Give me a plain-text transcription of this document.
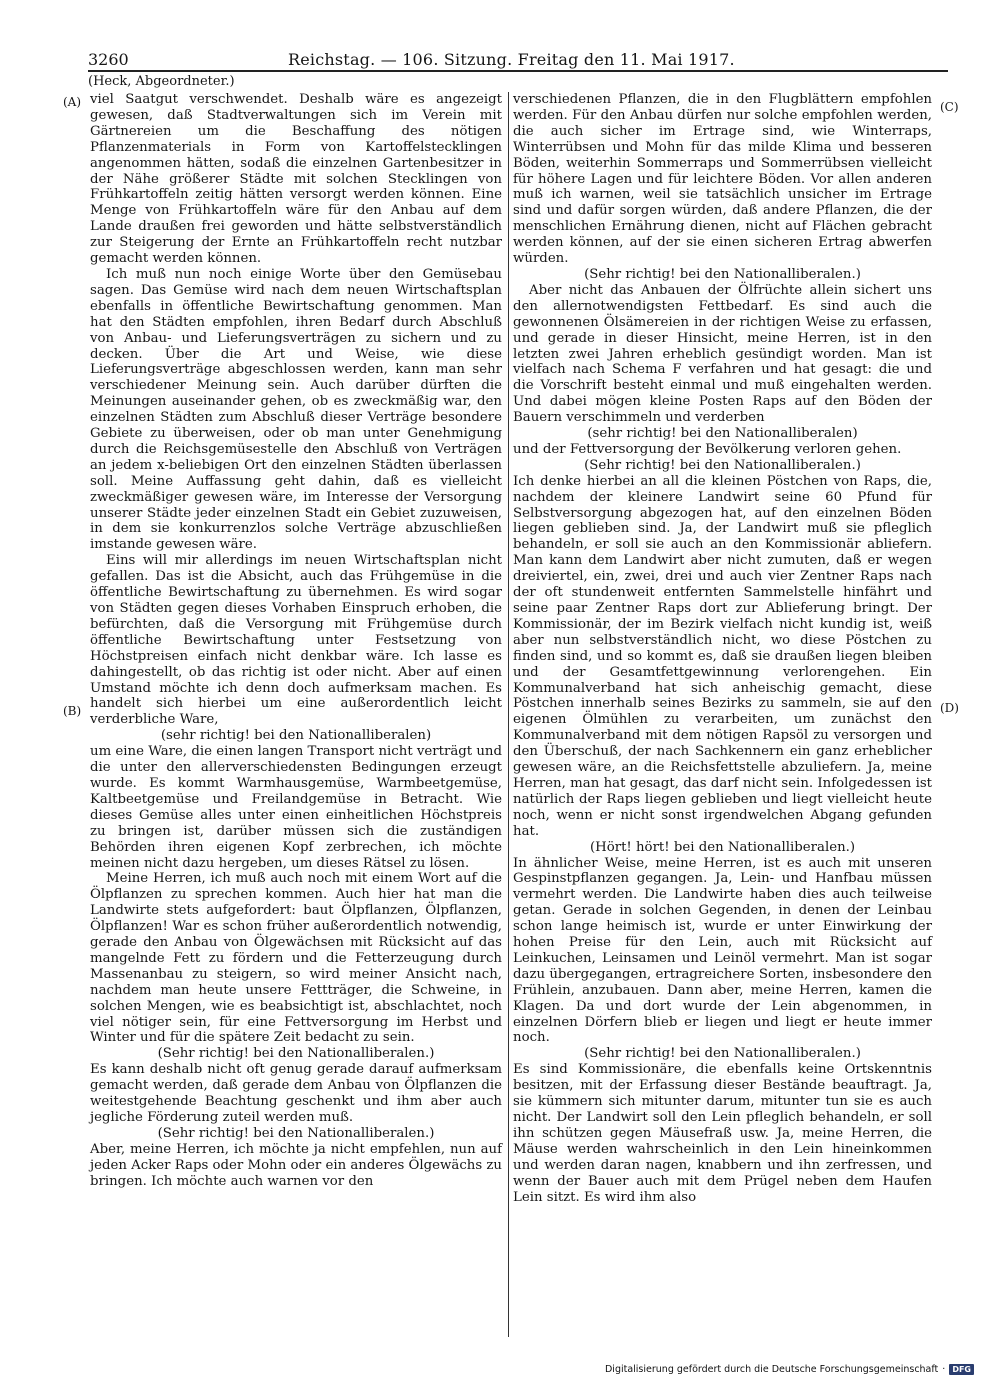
3260	Reichstag. — 106. Sitzung. Freitag den 11. Mai 1917.
(Heck, Abgeordneter.)
(A)
(B)
(C)
(D)

viel Saatgut verschwendet. Deshalb wäre es angezeigt gewesen, daß Stadtverwaltungen sich im Verein mit Gärtnereien um die Beschaffung des nötigen Pflanzenmaterials in Form von Kartoffelstecklingen angenommen hätten, sodaß die einzelnen Gartenbesitzer in der Nähe größerer Städte mit solchen Stecklingen von Frühkartoffeln zeitig hätten versorgt werden können. Eine Menge von Frühkartoffeln wäre für den Anbau auf dem Lande draußen frei geworden und hätte selbstverständlich zur Steigerung der Ernte an Frühkartoffeln recht nutzbar gemacht werden können.

Ich muß nun noch einige Worte über den Gemüsebau sagen. Das Gemüse wird nach dem neuen Wirtschaftsplan ebenfalls in öffentliche Bewirtschaftung genommen. Man hat den Städten empfohlen, ihren Bedarf durch Abschluß von Anbau- und Lieferungsverträgen zu sichern und zu decken. Über die Art und Weise, wie diese Lieferungsverträge abgeschlossen werden, kann man sehr verschiedener Meinung sein. Auch darüber dürften die Meinungen auseinander gehen, ob es zweckmäßig war, den einzelnen Städten zum Abschluß dieser Verträge besondere Gebiete zu überweisen, oder ob man unter Genehmigung durch die Reichsgemüsestelle den Abschluß von Verträgen an jedem x-beliebigen Ort den einzelnen Städten überlassen soll. Meine Auffassung geht dahin, daß es vielleicht zweckmäßiger gewesen wäre, im Interesse der Versorgung unserer Städte jeder einzelnen Stadt ein Gebiet zuzuweisen, in dem sie konkurrenzlos solche Verträge abzuschließen imstande gewesen wäre.

Eins will mir allerdings im neuen Wirtschaftsplan nicht gefallen. Das ist die Absicht, auch das Frühgemüse in die öffentliche Bewirtschaftung zu übernehmen. Es wird sogar von Städten gegen dieses Vorhaben Einspruch erhoben, die befürchten, daß die Versorgung mit Frühgemüse durch öffentliche Bewirtschaftung unter Festsetzung von Höchstpreisen einfach nicht denkbar wäre. Ich lasse es dahingestellt, ob das richtig ist oder nicht. Aber auf einen Umstand möchte ich denn doch aufmerksam machen. Es handelt sich hierbei um eine außerordentlich leicht verderbliche Ware,

(sehr richtig! bei den Nationalliberalen)

um eine Ware, die einen langen Transport nicht verträgt und die unter den allerverschiedensten Bedingungen erzeugt wurde. Es kommt Warmhausgemüse, Warmbeetgemüse, Kaltbeetgemüse und Freilandgemüse in Betracht. Wie dieses Gemüse alles unter einen einheitlichen Höchstpreis zu bringen ist, darüber müssen sich die zuständigen Behörden ihren eigenen Kopf zerbrechen, ich möchte meinen nicht dazu hergeben, um dieses Rätsel zu lösen.

Meine Herren, ich muß auch noch mit einem Wort auf die Ölpflanzen zu sprechen kommen. Auch hier hat man die Landwirte stets aufgefordert: baut Ölpflanzen, Ölpflanzen, Ölpflanzen! War es schon früher außerordentlich notwendig, gerade den Anbau von Ölgewächsen mit Rücksicht auf das mangelnde Fett zu fördern und die Fetterzeugung durch Massenanbau zu steigern, so wird meiner Ansicht nach, nachdem man heute unsere Fettträger, die Schweine, in solchen Mengen, wie es beabsichtigt ist, abschlachtet, noch viel nötiger sein, für eine Fettversorgung im Herbst und Winter und für die spätere Zeit bedacht zu sein.

(Sehr richtig! bei den Nationalliberalen.)

Es kann deshalb nicht oft genug gerade darauf aufmerksam gemacht werden, daß gerade dem Anbau von Ölpflanzen die weitestgehende Beachtung geschenkt und ihm aber auch jegliche Förderung zuteil werden muß.

(Sehr richtig! bei den Nationalliberalen.)

Aber, meine Herren, ich möchte ja nicht empfehlen, nun auf jeden Acker Raps oder Mohn oder ein anderes Ölgewächs zu bringen. Ich möchte auch warnen vor den

verschiedenen Pflanzen, die in den Flugblättern empfohlen werden. Für den Anbau dürfen nur solche empfohlen werden, die auch sicher im Ertrage sind, wie Winterraps, Winterrübsen und Mohn für das milde Klima und besseren Böden, weiterhin Sommerraps und Sommerrübsen vielleicht für höhere Lagen und für leichtere Böden. Vor allen anderen muß ich warnen, weil sie tatsächlich unsicher im Ertrage sind und dafür sorgen würden, daß andere Pflanzen, die der menschlichen Ernährung dienen, nicht auf Flächen gebracht werden können, auf der sie einen sicheren Ertrag abwerfen würden.

(Sehr richtig! bei den Nationalliberalen.)

Aber nicht das Anbauen der Ölfrüchte allein sichert uns den allernotwendigsten Fettbedarf. Es sind auch die gewonnenen Ölsämereien in der richtigen Weise zu erfassen, und gerade in dieser Hinsicht, meine Herren, ist in den letzten zwei Jahren erheblich gesündigt worden. Man ist vielfach nach Schema F verfahren und hat gesagt: die und die Vorschrift besteht einmal und muß eingehalten werden. Und dabei mögen kleine Posten Raps auf den Böden der Bauern verschimmeln und verderben

(sehr richtig! bei den Nationalliberalen)

und der Fettversorgung der Bevölkerung verloren gehen.

(Sehr richtig! bei den Nationalliberalen.)

Ich denke hierbei an all die kleinen Pöstchen von Raps, die, nachdem der kleinere Landwirt seine 60 Pfund für Selbstversorgung abgezogen hat, auf den einzelnen Böden liegen geblieben sind. Ja, der Landwirt muß sie pfleglich behandeln, er soll sie auch an den Kommissionär abliefern. Man kann dem Landwirt aber nicht zumuten, daß er wegen dreiviertel, ein, zwei, drei und auch vier Zentner Raps nach der oft stundenweit entfernten Sammelstelle hinfährt und seine paar Zentner Raps dort zur Ablieferung bringt. Der Kommissionär, der im Bezirk vielfach nicht kundig ist, weiß aber nun selbstverständlich nicht, wo diese Pöstchen zu finden sind, und so kommt es, daß sie draußen liegen bleiben und der Gesamtfettgewinnung verlorengehen. Ein Kommunalverband hat sich anheischig gemacht, diese Pöstchen innerhalb seines Bezirks zu sammeln, sie auf den eigenen Ölmühlen zu verarbeiten, um zunächst den Kommunalverband mit dem nötigen Rapsöl zu versorgen und den Überschuß, der nach Sachkennern ein ganz erheblicher gewesen wäre, an die Reichsfettstelle abzuliefern. Ja, meine Herren, man hat gesagt, das darf nicht sein. Infolgedessen ist natürlich der Raps liegen geblieben und liegt vielleicht heute noch, wenn er nicht sonst irgendwelchen Abgang gefunden hat.

(Hört! hört! bei den Nationalliberalen.)

In ähnlicher Weise, meine Herren, ist es auch mit unseren Gespinstpflanzen gegangen. Ja, Lein- und Hanfbau müssen vermehrt werden. Die Landwirte haben dies auch teilweise getan. Gerade in solchen Gegenden, in denen der Leinbau schon lange heimisch ist, wurde er unter Einwirkung der hohen Preise für den Lein, auch mit Rücksicht auf Leinkuchen, Leinsamen und Leinöl vermehrt. Man ist sogar dazu übergegangen, ertragreichere Sorten, insbesondere den Frühlein, anzubauen. Dann aber, meine Herren, kamen die Klagen. Da und dort wurde der Lein abgenommen, in einzelnen Dörfern blieb er liegen und liegt er heute immer noch.

(Sehr richtig! bei den Nationalliberalen.)

Es sind Kommissionäre, die ebenfalls keine Ortskenntnis besitzen, mit der Erfassung dieser Bestände beauftragt. Ja, sie kümmern sich mitunter darum, mitunter tun sie es auch nicht. Der Landwirt soll den Lein pfleglich behandeln, er soll ihn schützen gegen Mäusefraß usw. Ja, meine Herren, die Mäuse werden wahrscheinlich in den Lein hineinkommen und werden daran nagen, knabbern und ihn zerfressen, und wenn der Bauer auch mit dem Prügel neben dem Haufen Lein sitzt. Es wird ihm also

Digitalisierung gefördert durch die Deutsche Forschungsgemeinschaft · DFG
